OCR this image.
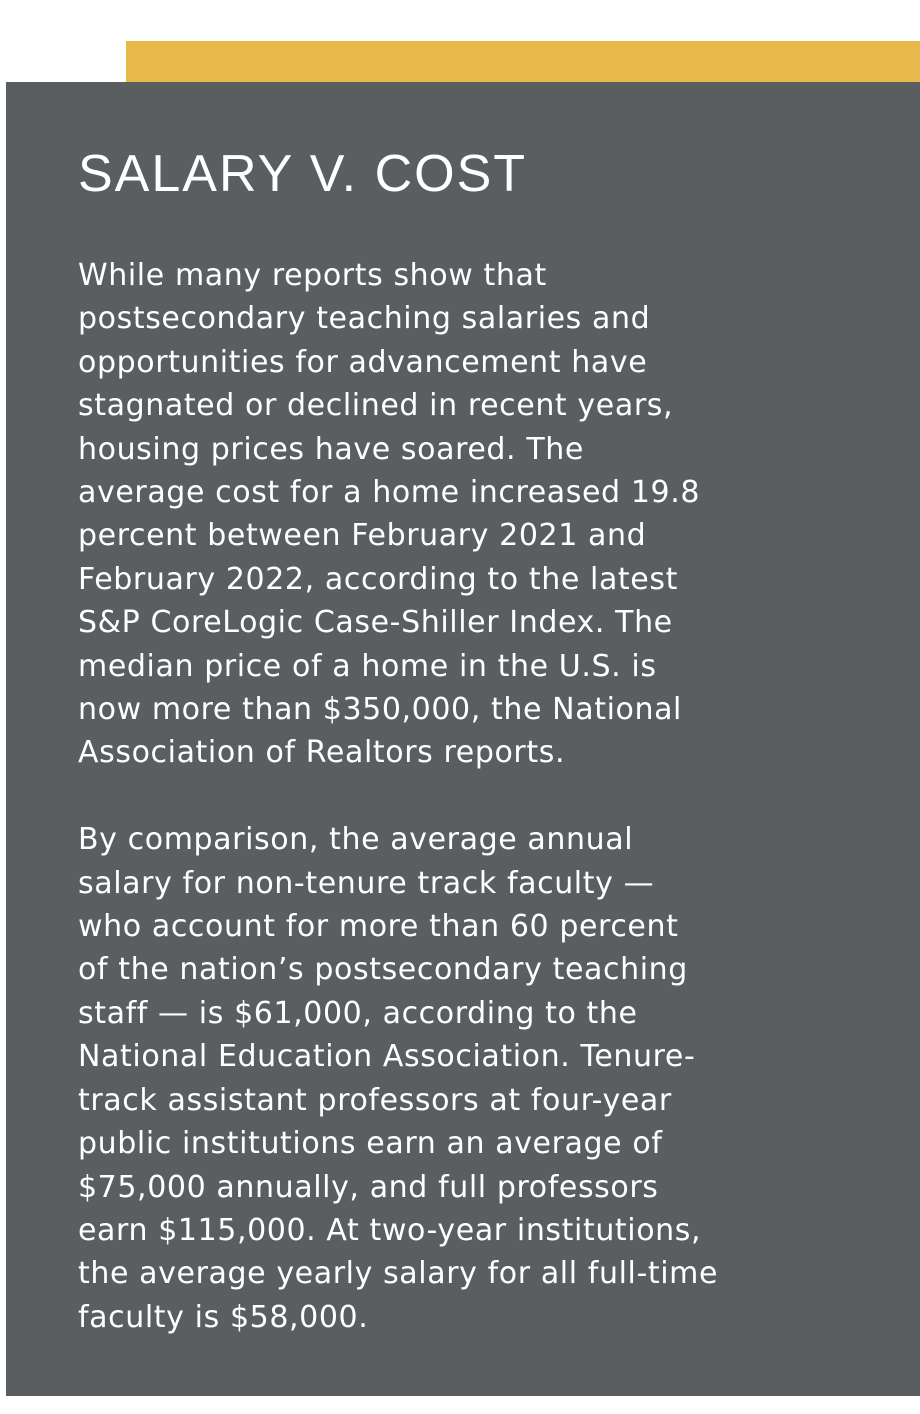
SALARY V. COST

While many reports show that
postsecondary teaching salaries and
opportunities for advancement have
stagnated or declined in recent years,
housing prices have soared. The
average cost for a home increased 19.8
percent between February 2021 and
February 2022, according to the latest
S&P CoreLogic Case-Shiller Index. The
median price of a home in the U.S. is
now more than $350,000, the National
Association of Realtors reports.

By comparison, the average annual
salary for non-tenure track faculty —
who account for more than 60 percent
of the nation’s postsecondary teaching
staff — is $61,000, according to the
National Education Association. Tenure-
track assistant professors at four-year
public institutions earn an average of
$75,000 annually, and full professors
earn $115,000. At two-year institutions,
the average yearly salary for all full-time
faculty is $58,000.
